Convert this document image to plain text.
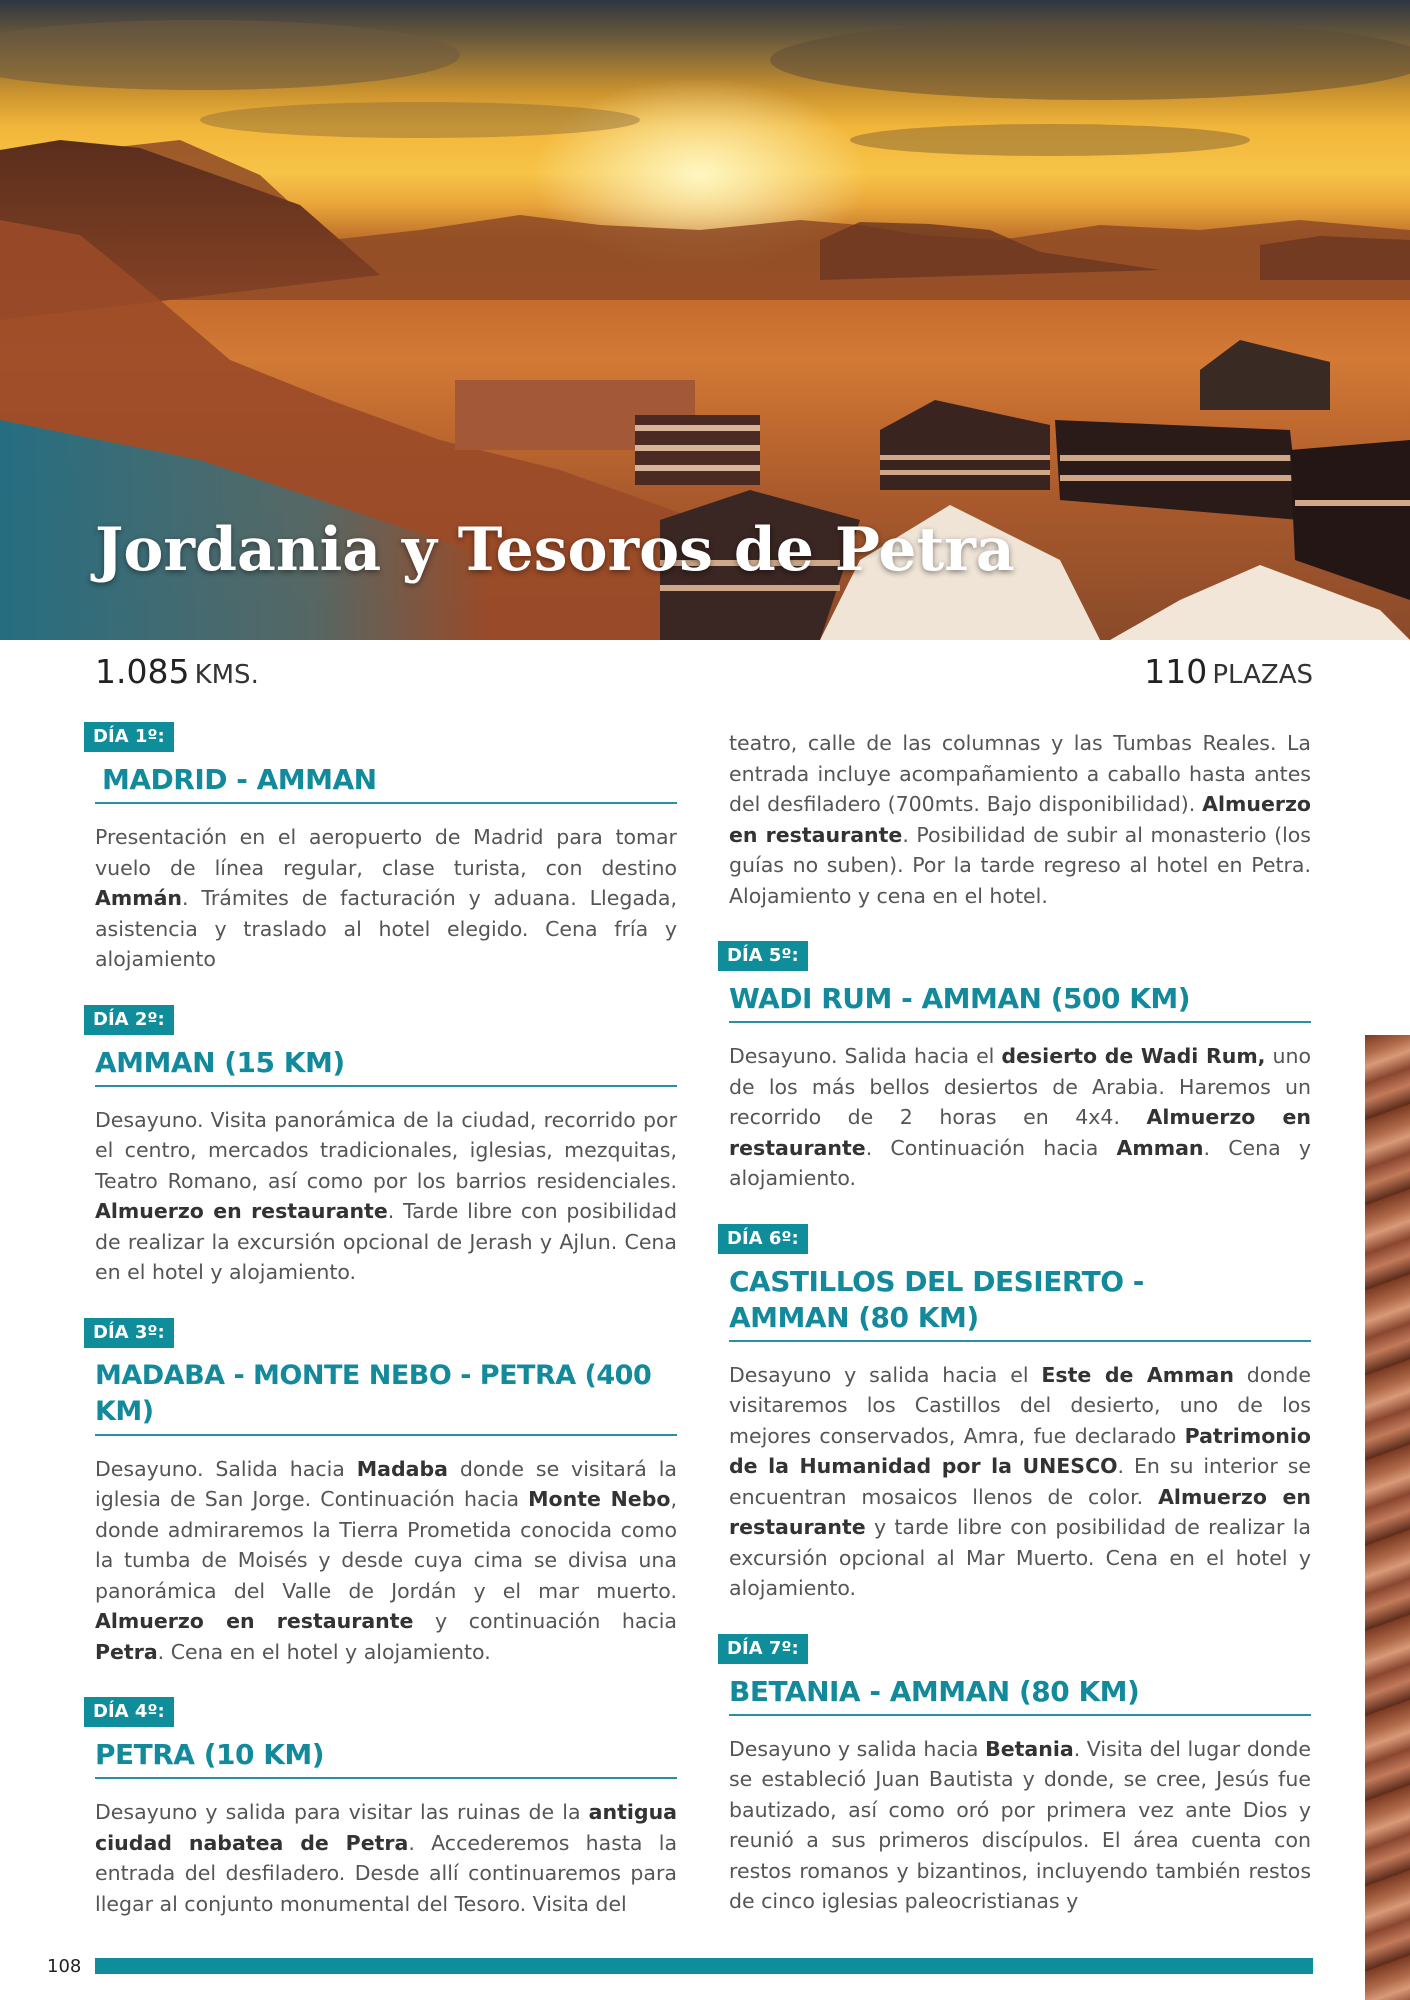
Jordania y Tesoros de Petra
1.085 KMS.	110 PLAZAS
DÍA 1º:
MADRID - AMMAN

Presentación en el aeropuerto de Madrid para tomar vuelo de línea regular, clase turista, con destino Ammán. Trámites de facturación y aduana. Llegada, asistencia y traslado al hotel elegido. Cena fría y alojamiento

DÍA 2º:
AMMAN (15 KM)

Desayuno. Visita panorámica de la ciudad, recorrido por el centro, mercados tradicionales, iglesias, mezquitas, Teatro Romano, así como por los barrios residenciales. Almuerzo en restaurante. Tarde libre con posibilidad de realizar la excursión opcional de Jerash y Ajlun. Cena en el hotel y alojamiento.

DÍA 3º:
MADABA - MONTE NEBO - PETRA (400 KM)

Desayuno. Salida hacia Madaba donde se visitará la iglesia de San Jorge. Continuación hacia Monte Nebo, donde admiraremos la Tierra Prometida conocida como la tumba de Moisés y desde cuya cima se divisa una panorámica del Valle de Jordán y el mar muerto. Almuerzo en restaurante y continuación hacia Petra. Cena en el hotel y alojamiento.

DÍA 4º:
PETRA (10 KM)

Desayuno y salida para visitar las ruinas de la antigua ciudad nabatea de Petra. Accederemos hasta la entrada del desfiladero. Desde allí continuaremos para llegar al conjunto monumental del Tesoro. Visita del

teatro, calle de las columnas y las Tumbas Reales. La entrada incluye acompañamiento a caballo hasta antes del desfiladero (700mts. Bajo disponibilidad). Almuerzo en restaurante. Posibilidad de subir al monasterio (los guías no suben). Por la tarde regreso al hotel en Petra. Alojamiento y cena en el hotel.

DÍA 5º:
WADI RUM - AMMAN (500 KM)

Desayuno. Salida hacia el desierto de Wadi Rum, uno de los más bellos desiertos de Arabia. Haremos un recorrido de 2 horas en 4x4. Almuerzo en restaurante. Continuación hacia Amman. Cena y alojamiento.

DÍA 6º:
CASTILLOS DEL DESIERTO -
AMMAN (80 KM)

Desayuno y salida hacia el Este de Amman donde visitaremos los Castillos del desierto, uno de los mejores conservados, Amra, fue declarado Patrimonio de la Humanidad por la UNESCO. En su interior se encuentran mosaicos llenos de color. Almuerzo en restaurante y tarde libre con posibilidad de realizar la excursión opcional al Mar Muerto. Cena en el hotel y alojamiento.

DÍA 7º:
BETANIA - AMMAN (80 KM)

Desayuno y salida hacia Betania. Visita del lugar donde se estableció Juan Bautista y donde, se cree, Jesús fue bautizado, así como oró por primera vez ante Dios y reunió a sus primeros discípulos. El área cuenta con restos romanos y bizantinos, incluyendo también restos de cinco iglesias paleocristianas y

108
